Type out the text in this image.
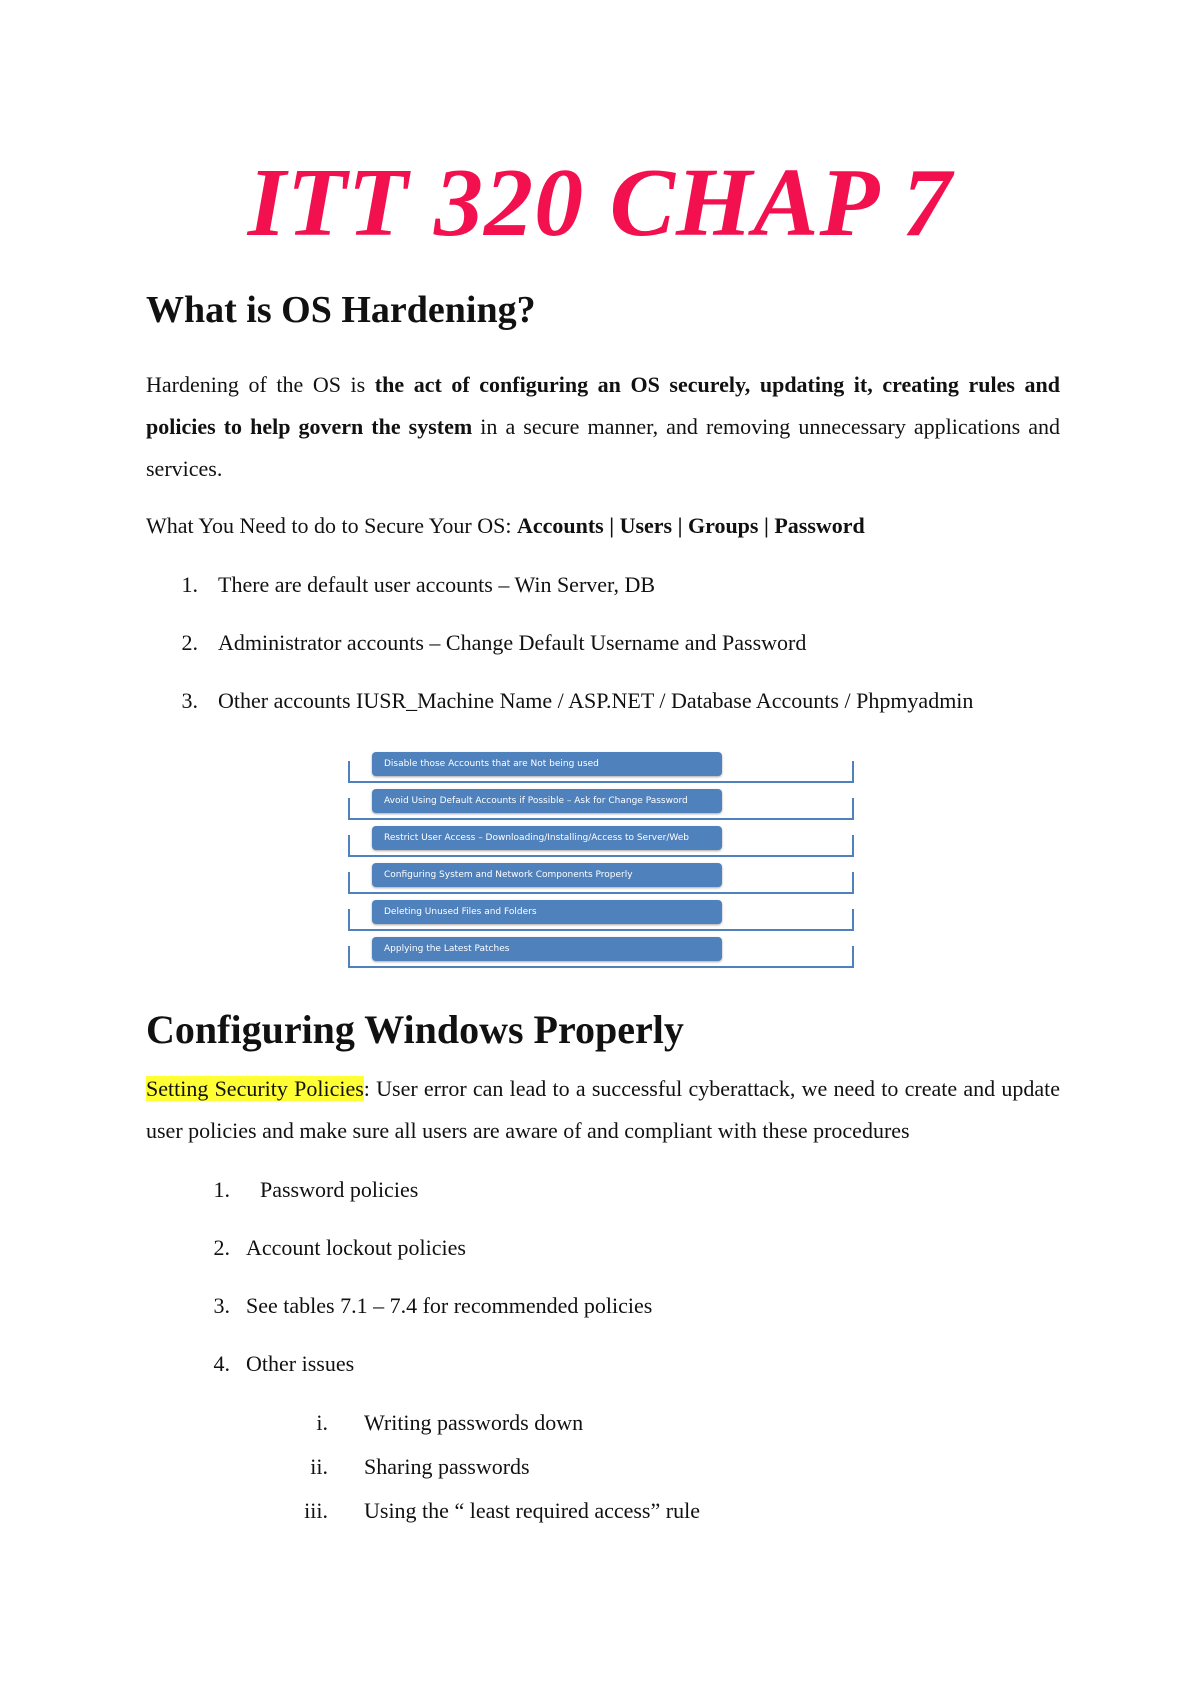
ITT 320 CHAP 7
What is OS Hardening?
Hardening of the OS is the act of configuring an OS securely, updating it, creating rules and policies to help govern the system in a secure manner, and removing unnecessary applications and services.
What You Need to do to Secure Your OS: Accounts | Users | Groups | Password
1. There are default user accounts – Win Server, DB
2. Administrator accounts – Change Default Username and Password
3. Other accounts IUSR_Machine Name / ASP.NET / Database Accounts / Phpmyadmin
Disable those Accounts that are Not being used
Avoid Using Default Accounts if Possible – Ask for Change Password
Restrict User Access – Downloading/Installing/Access to Server/Web
Configuring System and Network Components Properly
Deleting Unused Files and Folders
Applying the Latest Patches
Configuring Windows Properly
Setting Security Policies: User error can lead to a successful cyberattack, we need to create and update user policies and make sure all users are aware of and compliant with these procedures
1. Password policies
2. Account lockout policies
3. See tables 7.1 – 7.4 for recommended policies
4. Other issues
i. Writing passwords down
ii. Sharing passwords
iii. Using the “ least required access” rule
